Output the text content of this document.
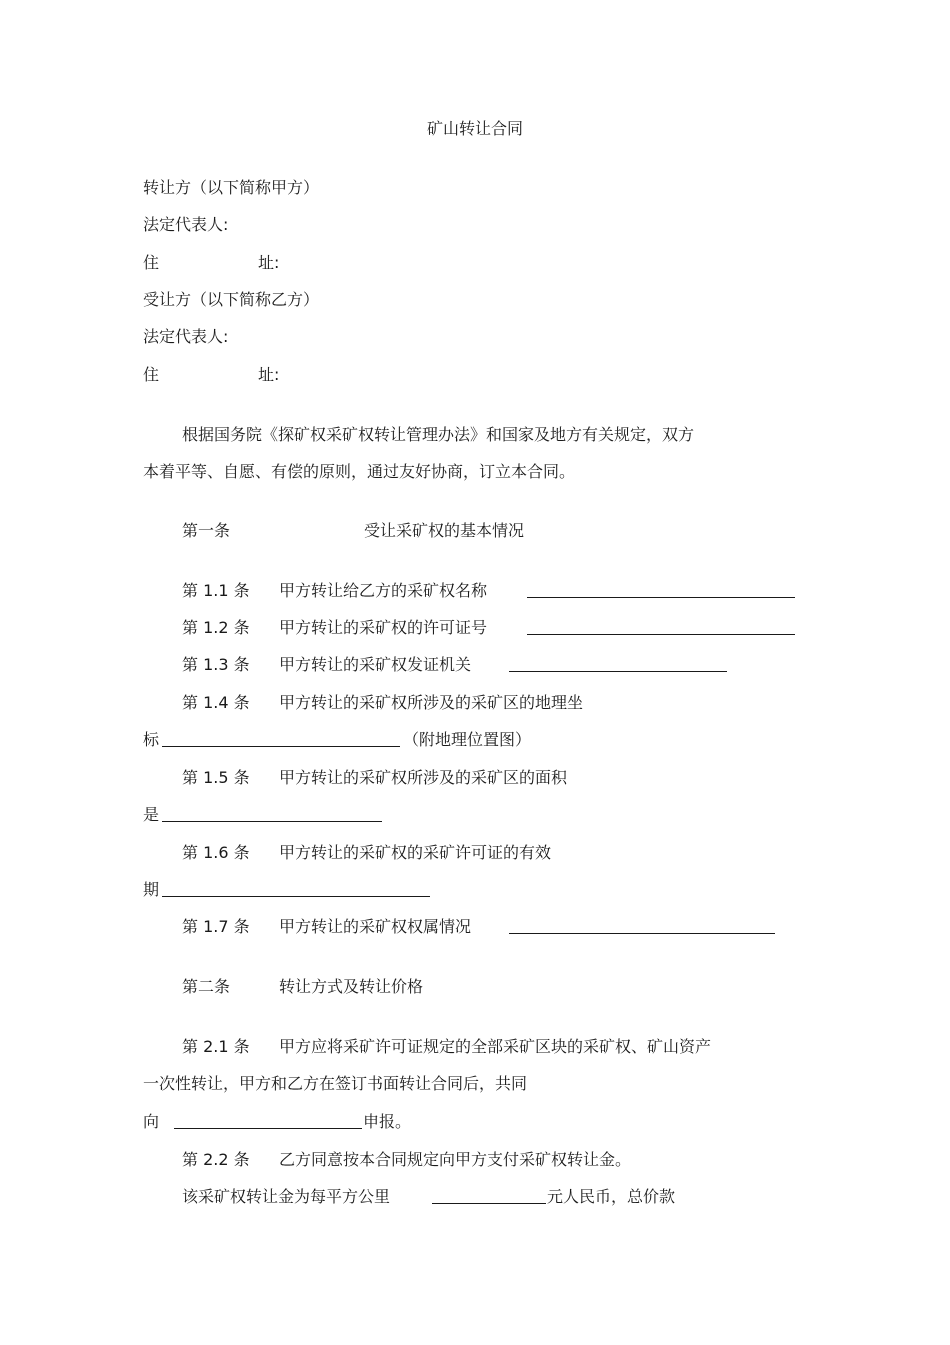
矿山转让合同
转让方（以下简称甲方）
法定代表人:
住	址:
受让方（以下简称乙方）
法定代表人:
住	址:
根据国务院《探矿权采矿权转让管理办法》和国家及地方有关规定，双方
本着平等、自愿、有偿的原则，通过友好协商，订立本合同。
第一条	受让采矿权的基本情况
第 1.1 条 甲方转让给乙方的采矿权名称
第 1.2 条 甲方转让的采矿权的许可证号
第 1.3 条 甲方转让的采矿权发证机关
第 1.4 条 甲方转让的采矿权所涉及的采矿区的地理坐
标	（附地理位置图）
第 1.5 条 甲方转让的采矿权所涉及的采矿区的面积
是
第 1.6 条 甲方转让的采矿权的采矿许可证的有效
期
第 1.7 条 甲方转让的采矿权权属情况
第二条	转让方式及转让价格
第 2.1 条 甲方应将采矿许可证规定的全部采矿区块的采矿权、矿山资产
一次性转让，甲方和乙方在签订书面转让合同后，共同
向	申报。
第 2.2 条 乙方同意按本合同规定向甲方支付采矿权转让金。
该采矿权转让金为每平方公里	元人民币，总价款
